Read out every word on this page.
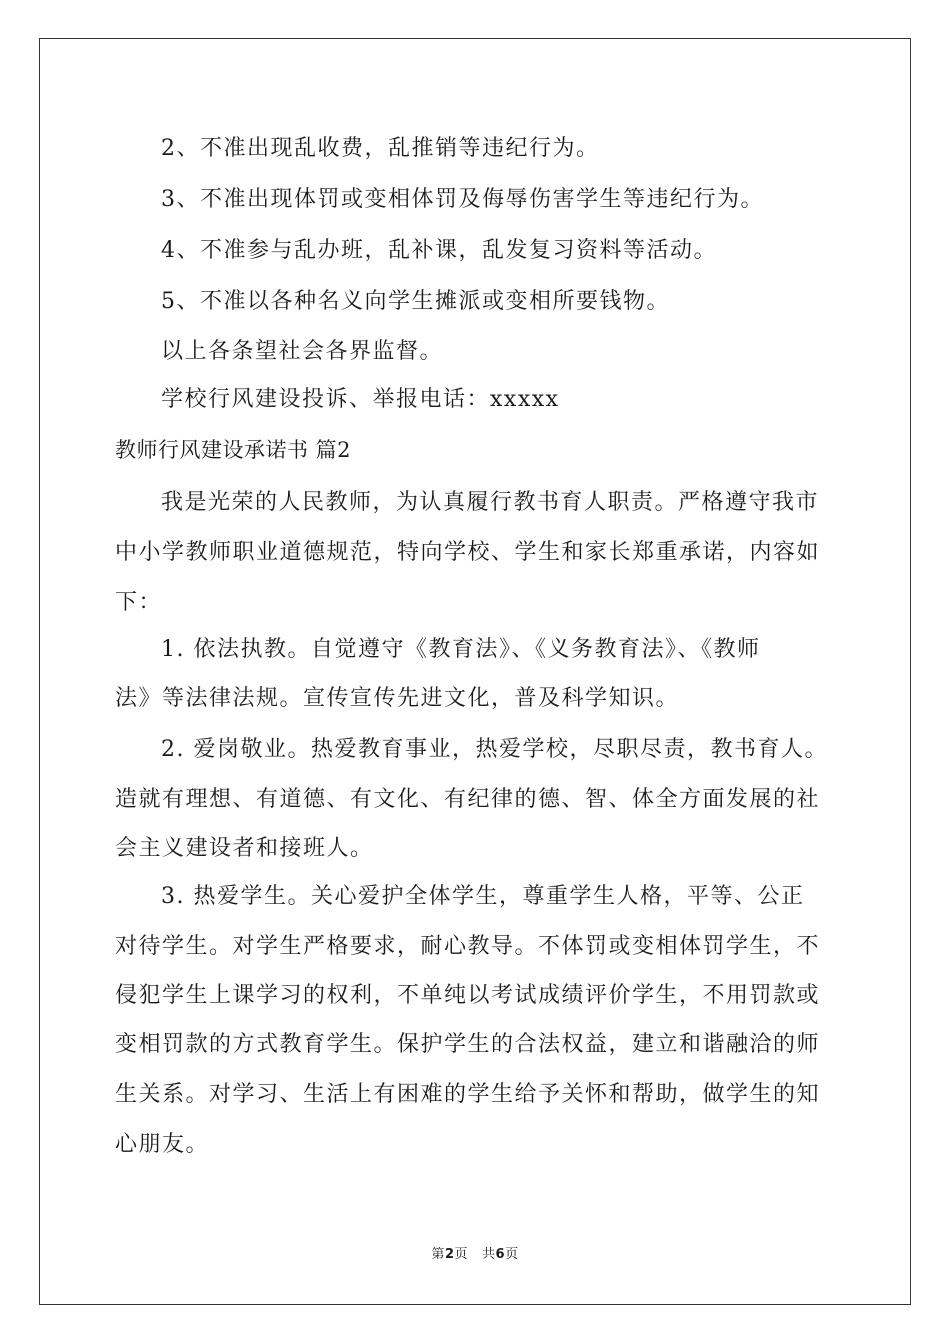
2、不准出现乱收费，乱推销等违纪行为。
3、不准出现体罚或变相体罚及侮辱伤害学生等违纪行为。
4、不准参与乱办班，乱补课，乱发复习资料等活动。
5、不准以各种名义向学生摊派或变相所要钱物。
以上各条望社会各界监督。
学校行风建设投诉、举报电话：xxxxx
教师行风建设承诺书 篇2
我是光荣的人民教师，为认真履行教书育人职责。严格遵守我市
中小学教师职业道德规范，特向学校、学生和家长郑重承诺，内容如
下：
1. 依法执教。自觉遵守《教育法》、《义务教育法》、《教师
法》等法律法规。宣传宣传先进文化，普及科学知识。
2. 爱岗敬业。热爱教育事业，热爱学校，尽职尽责，教书育人。
造就有理想、有道德、有文化、有纪律的德、智、体全方面发展的社
会主义建设者和接班人。
3. 热爱学生。关心爱护全体学生，尊重学生人格，平等、公正
对待学生。对学生严格要求，耐心教导。不体罚或变相体罚学生，不
侵犯学生上课学习的权利，不单纯以考试成绩评价学生，不用罚款或
变相罚款的方式教育学生。保护学生的合法权益，建立和谐融洽的师
生关系。对学习、生活上有困难的学生给予关怀和帮助，做学生的知
心朋友。
第2页 共6页
